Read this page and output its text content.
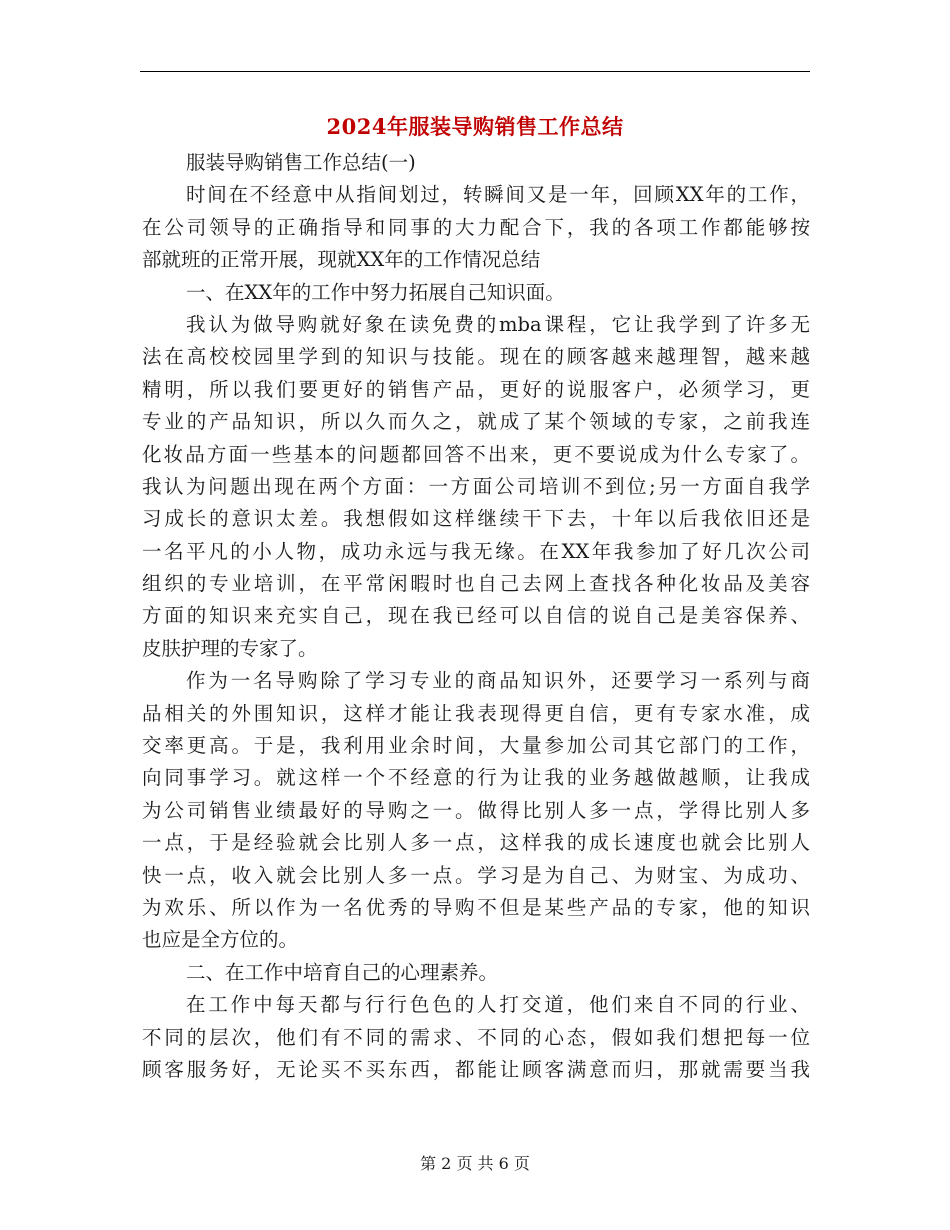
2024年服装导购销售工作总结
服装导购销售工作总结(一)
时间在不经意中从指间划过，转瞬间又是一年，回顾XX年的工作，
在公司领导的正确指导和同事的大力配合下，我的各项工作都能够按
部就班的正常开展，现就XX年的工作情况总结
一、在XX年的工作中努力拓展自己知识面。
我认为做导购就好象在读免费的mba课程，它让我学到了许多无
法在高校校园里学到的知识与技能。现在的顾客越来越理智，越来越
精明，所以我们要更好的销售产品，更好的说服客户，必须学习，更
专业的产品知识，所以久而久之，就成了某个领域的专家，之前我连
化妆品方面一些基本的问题都回答不出来，更不要说成为什么专家了。
我认为问题出现在两个方面：一方面公司培训不到位;另一方面自我学
习成长的意识太差。我想假如这样继续干下去，十年以后我依旧还是
一名平凡的小人物，成功永远与我无缘。在XX年我参加了好几次公司
组织的专业培训，在平常闲暇时也自己去网上查找各种化妆品及美容
方面的知识来充实自己，现在我已经可以自信的说自己是美容保养、
皮肤护理的专家了。
作为一名导购除了学习专业的商品知识外，还要学习一系列与商
品相关的外围知识，这样才能让我表现得更自信，更有专家水准，成
交率更高。于是，我利用业余时间，大量参加公司其它部门的工作，
向同事学习。就这样一个不经意的行为让我的业务越做越顺，让我成
为公司销售业绩最好的导购之一。做得比别人多一点，学得比别人多
一点，于是经验就会比别人多一点，这样我的成长速度也就会比别人
快一点，收入就会比别人多一点。学习是为自己、为财宝、为成功、
为欢乐、所以作为一名优秀的导购不但是某些产品的专家，他的知识
也应是全方位的。
二、在工作中培育自己的心理素养。
在工作中每天都与行行色色的人打交道，他们来自不同的行业、
不同的层次，他们有不同的需求、不同的心态，假如我们想把每一位
顾客服务好，无论买不买东西，都能让顾客满意而归，那就需要当我
第 2 页 共 6 页
